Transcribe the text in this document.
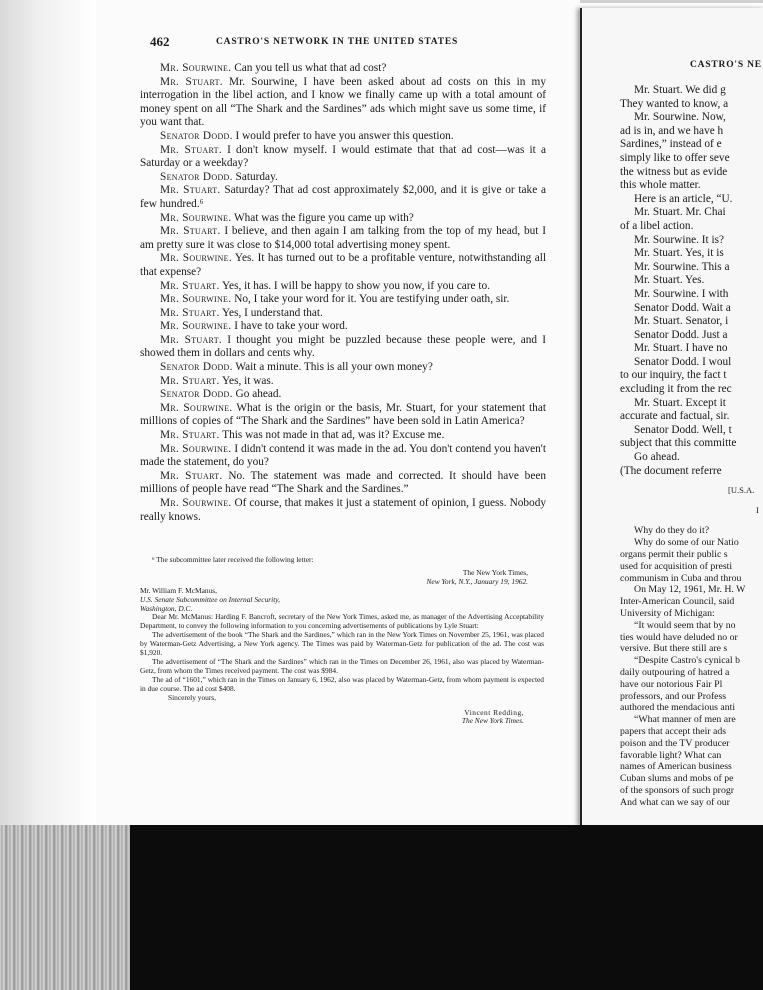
462	CASTRO'S NETWORK IN THE UNITED STATES

Mr. Sourwine. Can you tell us what that ad cost?

Mr. Stuart. Mr. Sourwine, I have been asked about ad costs on this in my interrogation in the libel action, and I know we finally came up with a total amount of money spent on all “The Shark and the Sardines” ads which might save us some time, if you want that.

Senator Dodd. I would prefer to have you answer this question.

Mr. Stuart. I don't know myself. I would estimate that that ad cost—was it a Saturday or a weekday?

Senator Dodd. Saturday.

Mr. Stuart. Saturday? That ad cost approximately $2,000, and it is give or take a few hundred.⁶

Mr. Sourwine. What was the figure you came up with?

Mr. Stuart. I believe, and then again I am talking from the top of my head, but I am pretty sure it was close to $14,000 total advertising money spent.

Mr. Sourwine. Yes. It has turned out to be a profitable venture, notwithstanding all that expense?

Mr. Stuart. Yes, it has. I will be happy to show you now, if you care to.

Mr. Sourwine. No, I take your word for it. You are testifying under oath, sir.

Mr. Stuart. Yes, I understand that.

Mr. Sourwine. I have to take your word.

Mr. Stuart. I thought you might be puzzled because these people were, and I showed them in dollars and cents why.

Senator Dodd. Wait a minute. This is all your own money?

Mr. Stuart. Yes, it was.

Senator Dodd. Go ahead.

Mr. Sourwine. What is the origin or the basis, Mr. Stuart, for your statement that millions of copies of “The Shark and the Sardines” have been sold in Latin America?

Mr. Stuart. This was not made in that ad, was it? Excuse me.

Mr. Sourwine. I didn't contend it was made in the ad. You don't contend you haven't made the statement, do you?

Mr. Stuart. No. The statement was made and corrected. It should have been millions of people have read “The Shark and the Sardines.”

Mr. Sourwine. Of course, that makes it just a statement of opinion, I guess. Nobody really knows.

⁶ The subcommittee later received the following letter:

The New York Times,

New York, N.Y., January 19, 1962.

Mr. William F. McManus,

U.S. Senate Subcommittee on Internal Security,

Washington, D.C.

Dear Mr. McManus: Harding F. Bancroft, secretary of the New York Times, asked me, as manager of the Advertising Acceptability Department, to convey the following information to you concerning advertisements of publications by Lyle Stuart:

The advertisement of the book “The Shark and the Sardines,” which ran in the New York Times on November 25, 1961, was placed by Waterman-Getz Advertising, a New York agency. The Times was paid by Waterman-Getz for publication of the ad. The cost was $1,920.

The advertisement of “The Shark and the Sardines” which ran in the Times on December 26, 1961, also was placed by Waterman-Getz, from whom the Times received payment. The cost was $984.

The ad of “1601,” which ran in the Times on January 6, 1962, also was placed by Waterman-Getz, from whom payment is expected in due course. The ad cost $408.

Sincerely yours,

Vincent Redding,

The New York Times.

CASTRO'S NE

Mr. Stuart. We did g

They wanted to know, a

Mr. Sourwine. Now,

ad is in, and we have h

Sardines,” instead of e

simply like to offer seve

the witness but as evide

this whole matter.

Here is an article, “U.

Mr. Stuart. Mr. Chai

of a libel action.

Mr. Sourwine. It is?

Mr. Stuart. Yes, it is

Mr. Sourwine. This a

Mr. Stuart. Yes.

Mr. Sourwine. I with

Senator Dodd. Wait a

Mr. Stuart. Senator, i

Senator Dodd. Just a

Mr. Stuart. I have no

Senator Dodd. I woul

to our inquiry, the fact t

excluding it from the rec

Mr. Stuart. Except it

accurate and factual, sir.

Senator Dodd. Well, t

subject that this committe

Go ahead.

(The document referre

[U.S.A.

I

Why do they do it?

Why do some of our Natio

organs permit their public s

used for acquisition of presti

communism in Cuba and throu

On May 12, 1961, Mr. H. W

Inter-American Council, said

University of Michigan:

“It would seem that by no

ties would have deluded no or

versive. But there still are s

“Despite Castro's cynical b

daily outpouring of hatred a

have our notorious Fair Pl

professors, and our Profess

authored the mendacious anti

“What manner of men are

papers that accept their ads

poison and the TV producer

favorable light? What can

names of American business

Cuban slums and mobs of pe

of the sponsors of such progr

And what can we say of our
